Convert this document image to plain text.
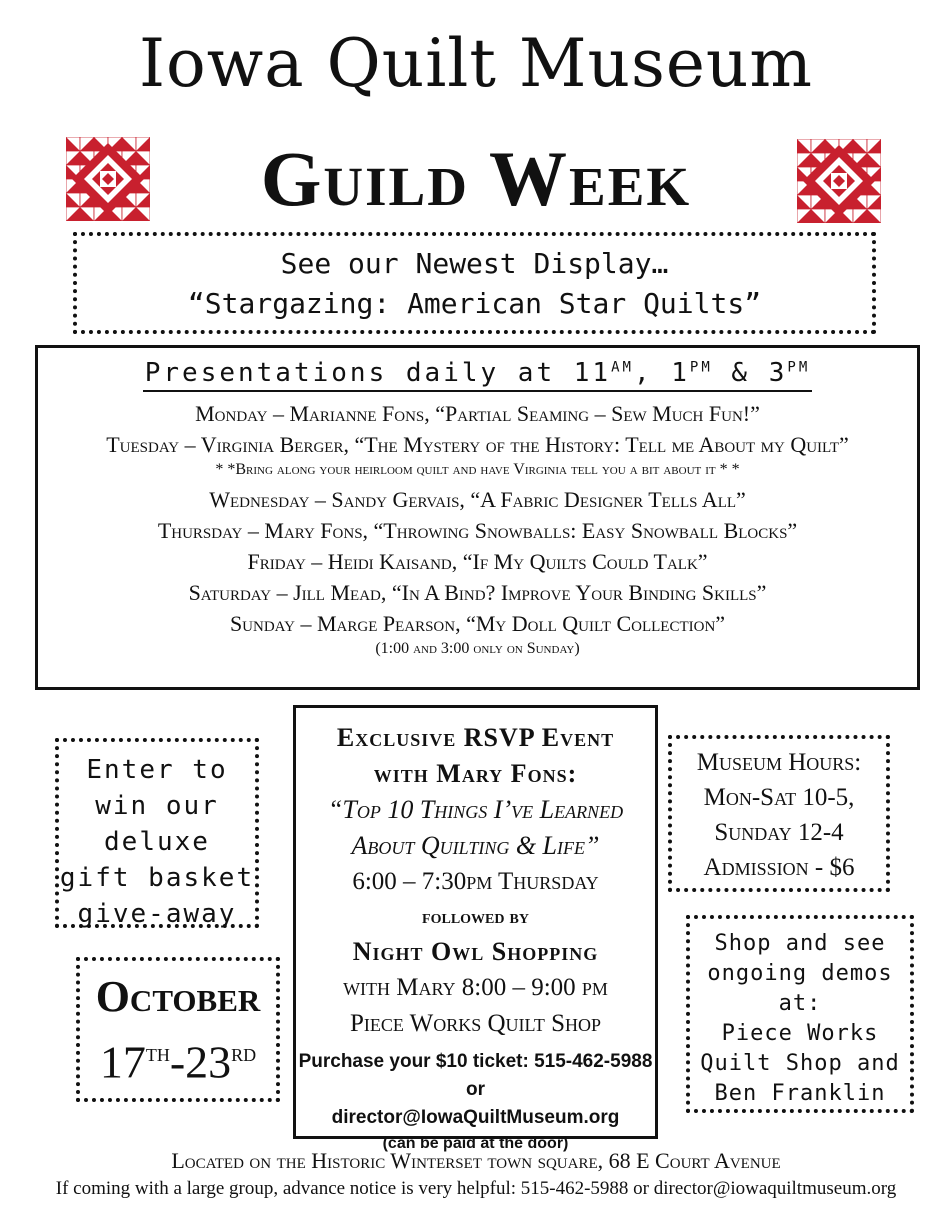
Iowa Quilt Museum
Guild Week
See our Newest Display…
“Stargazing: American Star Quilts”
Presentations daily at $11^{AM}$, $1^{PM}$ & $3^{PM}$
Monday – Marianne Fons, “Partial Seaming – Sew Much Fun!”
Tuesday – Virginia Berger, “The Mystery of the History: Tell me About my Quilt”
* *Bring along your heirloom quilt and have Virginia tell you a bit about it * *
Wednesday – Sandy Gervais, “A Fabric Designer Tells All”
Thursday – Mary Fons, “Throwing Snowballs: Easy Snowball Blocks”
Friday – Heidi Kaisand, “If My Quilts Could Talk”
Saturday – Jill Mead, “In A Bind? Improve Your Binding Skills”
Sunday – Marge Pearson, “My Doll Quilt Collection”
(1:00 and 3:00 only on Sunday)
Enter to
win our
deluxe
gift basket
give-away
Exclusive RSVP Event
with Mary Fons:
“Top 10 Things I’ve Learned
About Quilting & Life”
6:00 – 7:30pm Thursday
followed by
Night Owl Shopping
with Mary 8:00 – 9:00 pm
Piece Works Quilt Shop
Purchase your $10 ticket: 515-462-5988 or
director@IowaQuiltMuseum.org
(can be paid at the door)
Museum Hours:
Mon-Sat 10-5,
Sunday 12-4
Admission - $6
October
17TH-23RD
Shop and see
ongoing demos
at:
Piece Works
Quilt Shop and
Ben Franklin
Located on the Historic Winterset town square, 68 E Court Avenue
If coming with a large group, advance notice is very helpful: 515-462-5988 or director@iowaquiltmuseum.org
